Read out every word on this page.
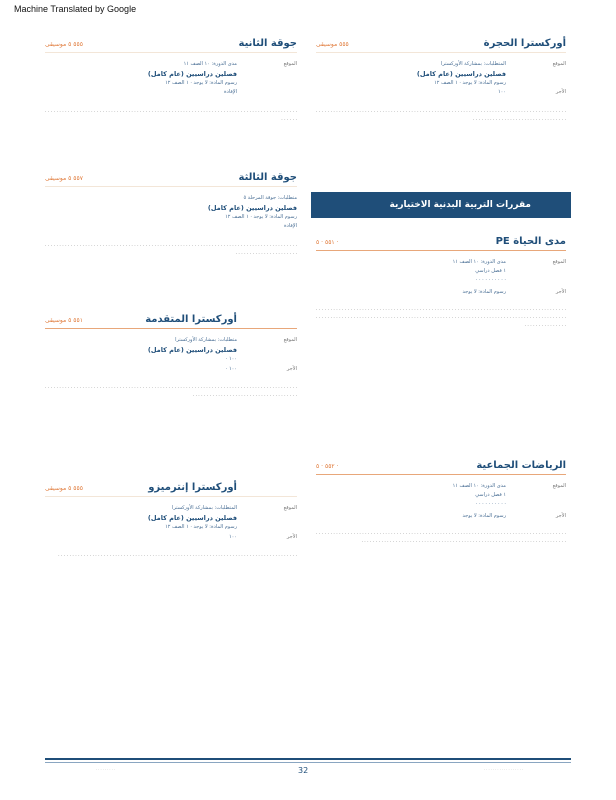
Machine Translated by Google
جوقة الثانية
٥٥٥ ٥ موسيقى
الموقع
مدى الدورة: ١٠ الصف ١١
فصلين دراسيين (عام كامل)
رسوم المادة: لا يوجد · ١ الصف ١٢
الإفادة
· · · · · · · · · · · · · · · · · · · · · · · · · · · · · · · · · · · · · · · · · · · · · · · · · · · · · · · · · · · · · · · · · · · · · · · · · · · · · · · · · · · · · · · · · · · · · ·
أوركسترا الحجرة
٥٥٥ موسيقى
الموقع
المتطلبات: بمشاركة الأوركسترا
فصلين دراسيين (عام كامل)
رسوم المادة: لا يوجد · ١ الصف ١٢
الأجر
١٠٠
· · · · · · · · · · · · · · · · · · · · · · · · · · · · · · · · · · · · · · · · · · · · · · · · · · · · · · · · · · · · · · · · · · · · · · · · · · · · · · · · · · · · · · · · · · · · · · · · · · · · · · · · · · · · · · · · · · · · · · · ·
جوقة الثالثة
٥٥٧ ٥ موسيقى
متطلبات: جوقة المرحلة ٥
فصلين دراسيين (عام كامل)
رسوم المادة: لا يوجد · ١ الصف ١٢
الإفادة
· · · · · · · · · · · · · · · · · · · · · · · · · · · · · · · · · · · · · · · · · · · · · · · · · · · · · · · · · · · · · · · · · · · · · · · · · · · · · · · · · · · · · · · · · · · · · · · · · · · · · · · · · · · · · ·
مقررات التربية البدنية الاختيارية
مدى الحياة PE
٥٥١ · ٥ ·
الموقع
مدى الدورة: ١٠ الصف ١١
١ فصل دراسي
· · · · · · · · · ·
الأجر
رسوم المادة: لا يوجد
· · · · · · · · · · · · · · · · · · · · · · · · · · · · · · · · · · · · · · · · · · · · · · · · · · · · · · · · · · · · · · · · · · · · · · · · · · · · · · · · · · · · · · · · · · · · · · · · · · · · · · · · · · · · · · · · · · · · · · · · · · · · · · · · · · · · · · · · · · · · · · · · · · · · · · · · · · · · · · · · · · · · · · · · · · · · · · · · · · · · · · · · · · · · ·
أوركسترا المتقدمة
٥٥١ ٥ موسيقى
الموقع
متطلبات: بمشاركة الأوركسترا
فصلين دراسيين (عام كامل)
١٠٠ ·
الأجر
١٠٠ ·
· · · · · · · · · · · · · · · · · · · · · · · · · · · · · · · · · · · · · · · · · · · · · · · · · · · · · · · · · · · · · · · · · · · · · · · · · · · · · · · · · · · · · · · · · · · · · · · · · · · · · · · · · · · · · · · · · · · · · · · · · · · · ·
الرياضات الجماعية
٥٥٢ · ٥ ·
الموقع
مدى الدورة: ١٠ الصف ١١
١ فصل دراسي
· · · · · · · · · ·
الأجر
رسوم المادة: لا يوجد
· · · · · · · · · · · · · · · · · · · · · · · · · · · · · · · · · · · · · · · · · · · · · · · · · · · · · · · · · · · · · · · · · · · · · · · · · · · · · · · · · · · · · · · · · · · · · · · · · · · · · · · · · · · · · · · · · · · · · · · · · · · · · · · · · · · · · · · · · · · · · · · · · · · · · · · · · · · · · · ·
أوركسترا إنترميزو
٥٥٥ ٥ موسيقى
الموقع
المتطلبات: بمشاركة الأوركسترا
فصلين دراسيين (عام كامل)
رسوم المادة: لا يوجد · ١ الصف ١٢
الأجر
١٠٠
· · · · · · · · · · · · · · · · · · · · · · · · · · · · · · · · · · · · · · · · · · · · · · · · · · · · · · · · · · · · · · · · · · · · · · · · · · · · · · · · · · · ·
· · · · · · · · ·	32	· · · · · · · · · · · · · · · · · ·
